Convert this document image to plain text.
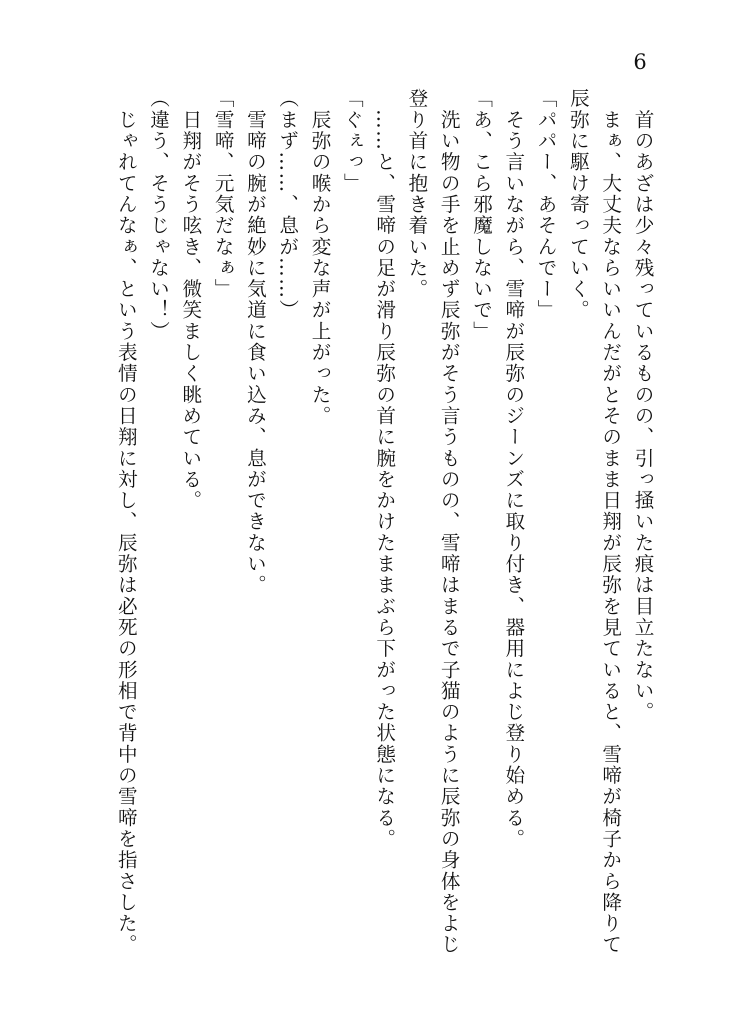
6
　首のあざは少々残っているものの、引っ掻いた痕は目立たない。
　まぁ、大丈夫ならいいんだがとそのまま日翔が辰弥を見ていると、雪啼が椅子から降りて
辰弥に駆け寄っていく。
「パパー、あそんでー」
　そう言いながら、雪啼が辰弥のジーンズに取り付き、器用によじ登り始める。
「あ、こら邪魔しないで」
　洗い物の手を止めず辰弥がそう言うものの、雪啼はまるで子猫のように辰弥の身体をよじ
登り首に抱き着いた。
　……と、雪啼の足が滑り辰弥の首に腕をかけたままぶら下がった状態になる。
「ぐぇっ」
　辰弥の喉から変な声が上がった。
（まず……、息が……）
　雪啼の腕が絶妙に気道に食い込み、息ができない。
「雪啼、元気だなぁ」
　日翔がそう呟き、微笑ましく眺めている。
（違う、そうじゃない！）
　じゃれてんなぁ、という表情の日翔に対し、辰弥は必死の形相で背中の雪啼を指さした。
